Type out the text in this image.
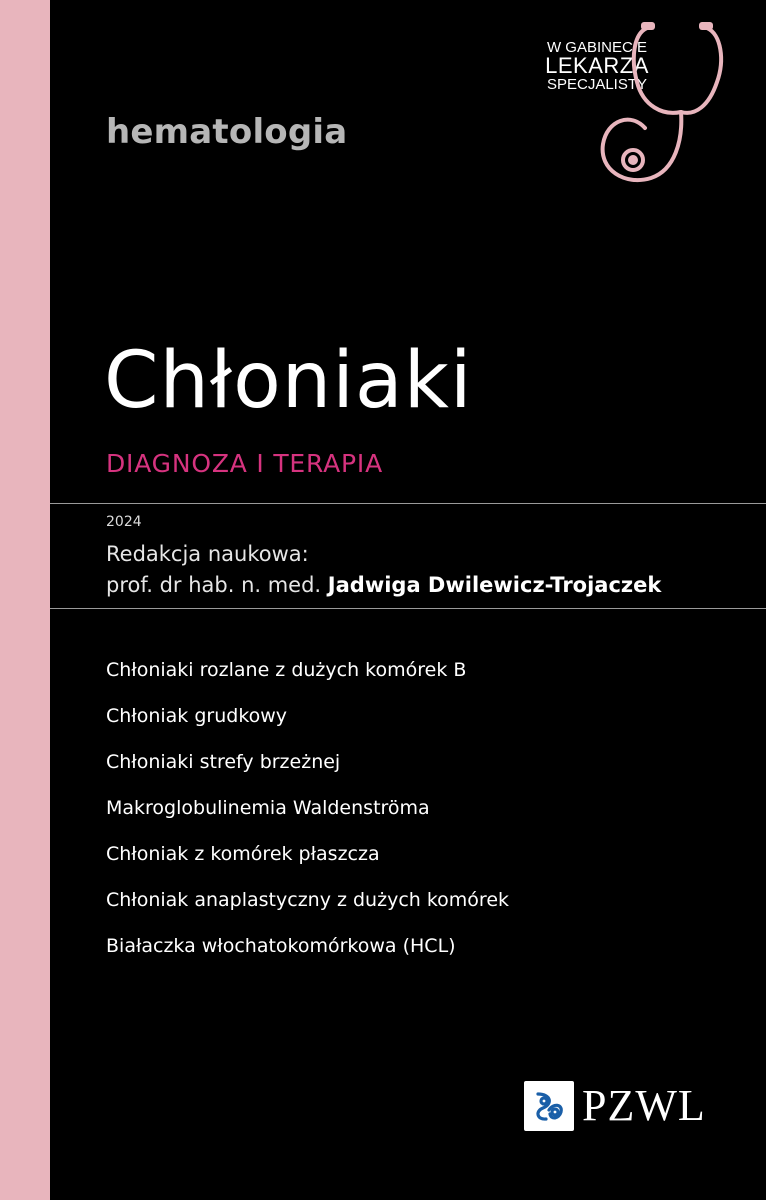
hematologia
W GABINECIE
LEKARZA
SPECJALISTY
Chłoniaki
DIAGNOZA I TERAPIA
2024
Redakcja naukowa:
prof. dr hab. n. med. Jadwiga Dwilewicz-Trojaczek
Chłoniaki rozlane z dużych komórek B
Chłoniak grudkowy
Chłoniaki strefy brzeżnej
Makroglobulinemia Waldenströma
Chłoniak z komórek płaszcza
Chłoniak anaplastyczny z dużych komórek
Białaczka włochatokomórkowa (HCL)
PZWL
